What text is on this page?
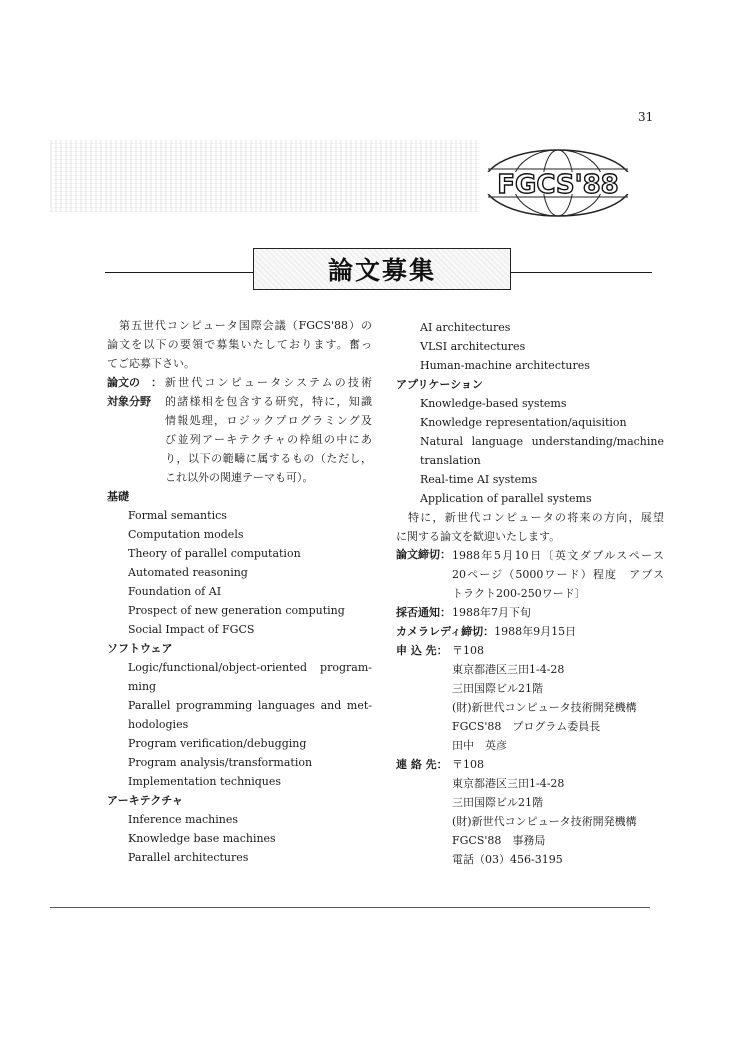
31
FGCS'88
論文募集
第五世代コンピュータ国際会議（FGCS'88）の
論文を以下の要領で募集いたしております。奮っ
てご応募下さい。
論文の　：
対象分野
新世代コンピュータシステムの技術
的諸様相を包含する研究，特に，知識
情報処理，ロジックプログラミング及
び並列アーキテクチャの枠組の中にあ
り，以下の範疇に属するもの（ただし，
これ以外の関連テーマも可）。
基礎
Formal semantics
Computation models
Theory of parallel computation
Automated reasoning
Foundation of AI
Prospect of new generation computing
Social Impact of FGCS
ソフトウェア
Logic/functional/object-oriented program-
ming
Parallel programming languages and met-
hodologies
Program verification/debugging
Program analysis/transformation
Implementation techniques
アーキテクチャ
Inference machines
Knowledge base machines
Parallel architectures
AI architectures
VLSI architectures
Human-machine architectures
アプリケーション
Knowledge-based systems
Knowledge representation/aquisition
Natural language understanding/machine
translation
Real-time AI systems
Application of parallel systems
特に，新世代コンピュータの将来の方向，展望
に関する論文を歓迎いたします。
論文締切： 1988年5月10日〔英文ダブルスペース
20ページ（5000ワード）程度　アブス
トラクト200-250ワード〕
採否通知： 1988年7月下旬
カメラレディ締切： 1988年9月15日
申 込 先： 〒108
東京都港区三田1-4-28
三田国際ビル21階
(財)新世代コンピュータ技術開発機構
FGCS'88　プログラム委員長
田中　英彦
連 絡 先： 〒108
東京都港区三田1-4-28
三田国際ビル21階
(財)新世代コンピュータ技術開発機構
FGCS'88　事務局
電話（03）456-3195
